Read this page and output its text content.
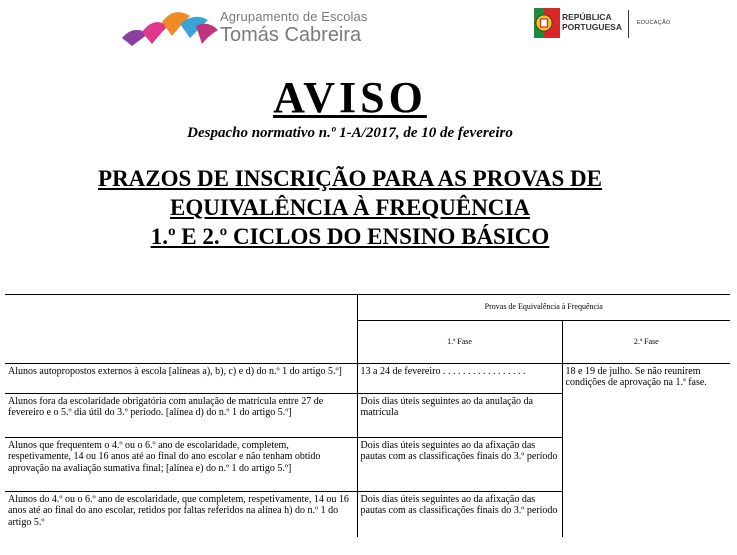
Agrupamento de Escolas
Tomás Cabreira
REPÚBLICA
PORTUGUESA	EDUCAÇÃO
AVISO
Despacho normativo n.º 1-A/2017, de 10 de fevereiro
PRAZOS DE INSCRIÇÃO PARA AS PROVAS DE
EQUIVALÊNCIA À FREQUÊNCIA
1.º E 2.º CICLOS DO ENSINO BÁSICO
	Provas de Equivalência à Frequência	
	1.ª Fase	2.ª Fase
Alunos autopropostos externos à escola [alíneas a), b), c) e d) do n.º 1 do artigo 5.º]	13 a 24 de fevereiro . . . . . . . . . . . . . . . . .	18 e 19 de julho. Se não reunirem condições de aprovação na 1.ª fase.
Alunos fora da escolaridade obrigatória com anulação de matrícula entre 27 de fevereiro e o 5.º dia útil do 3.º período. [alínea d) do n.º 1 do artigo 5.º]	Dois dias úteis seguintes ao da anulação da matrícula	
Alunos que frequentem o 4.º ou o 6.º ano de escolaridade, completem, respetivamente, 14 ou 16 anos até ao final do ano escolar e não tenham obtido aprovação na avaliação sumativa final; [alínea e) do n.º 1 do artigo 5.º]	Dois dias úteis seguintes ao da afixação das pautas com as classificações finais do 3.º período	
Alunos do 4.º ou o 6.º ano de escolaridade, que completem, respetivamente, 14 ou 16 anos até ao final do ano escolar, retidos por faltas referidos na alínea h) do n.º 1 do artigo 5.º	Dois dias úteis seguintes ao da afixação das pautas com as classificações finais do 3.º período	
